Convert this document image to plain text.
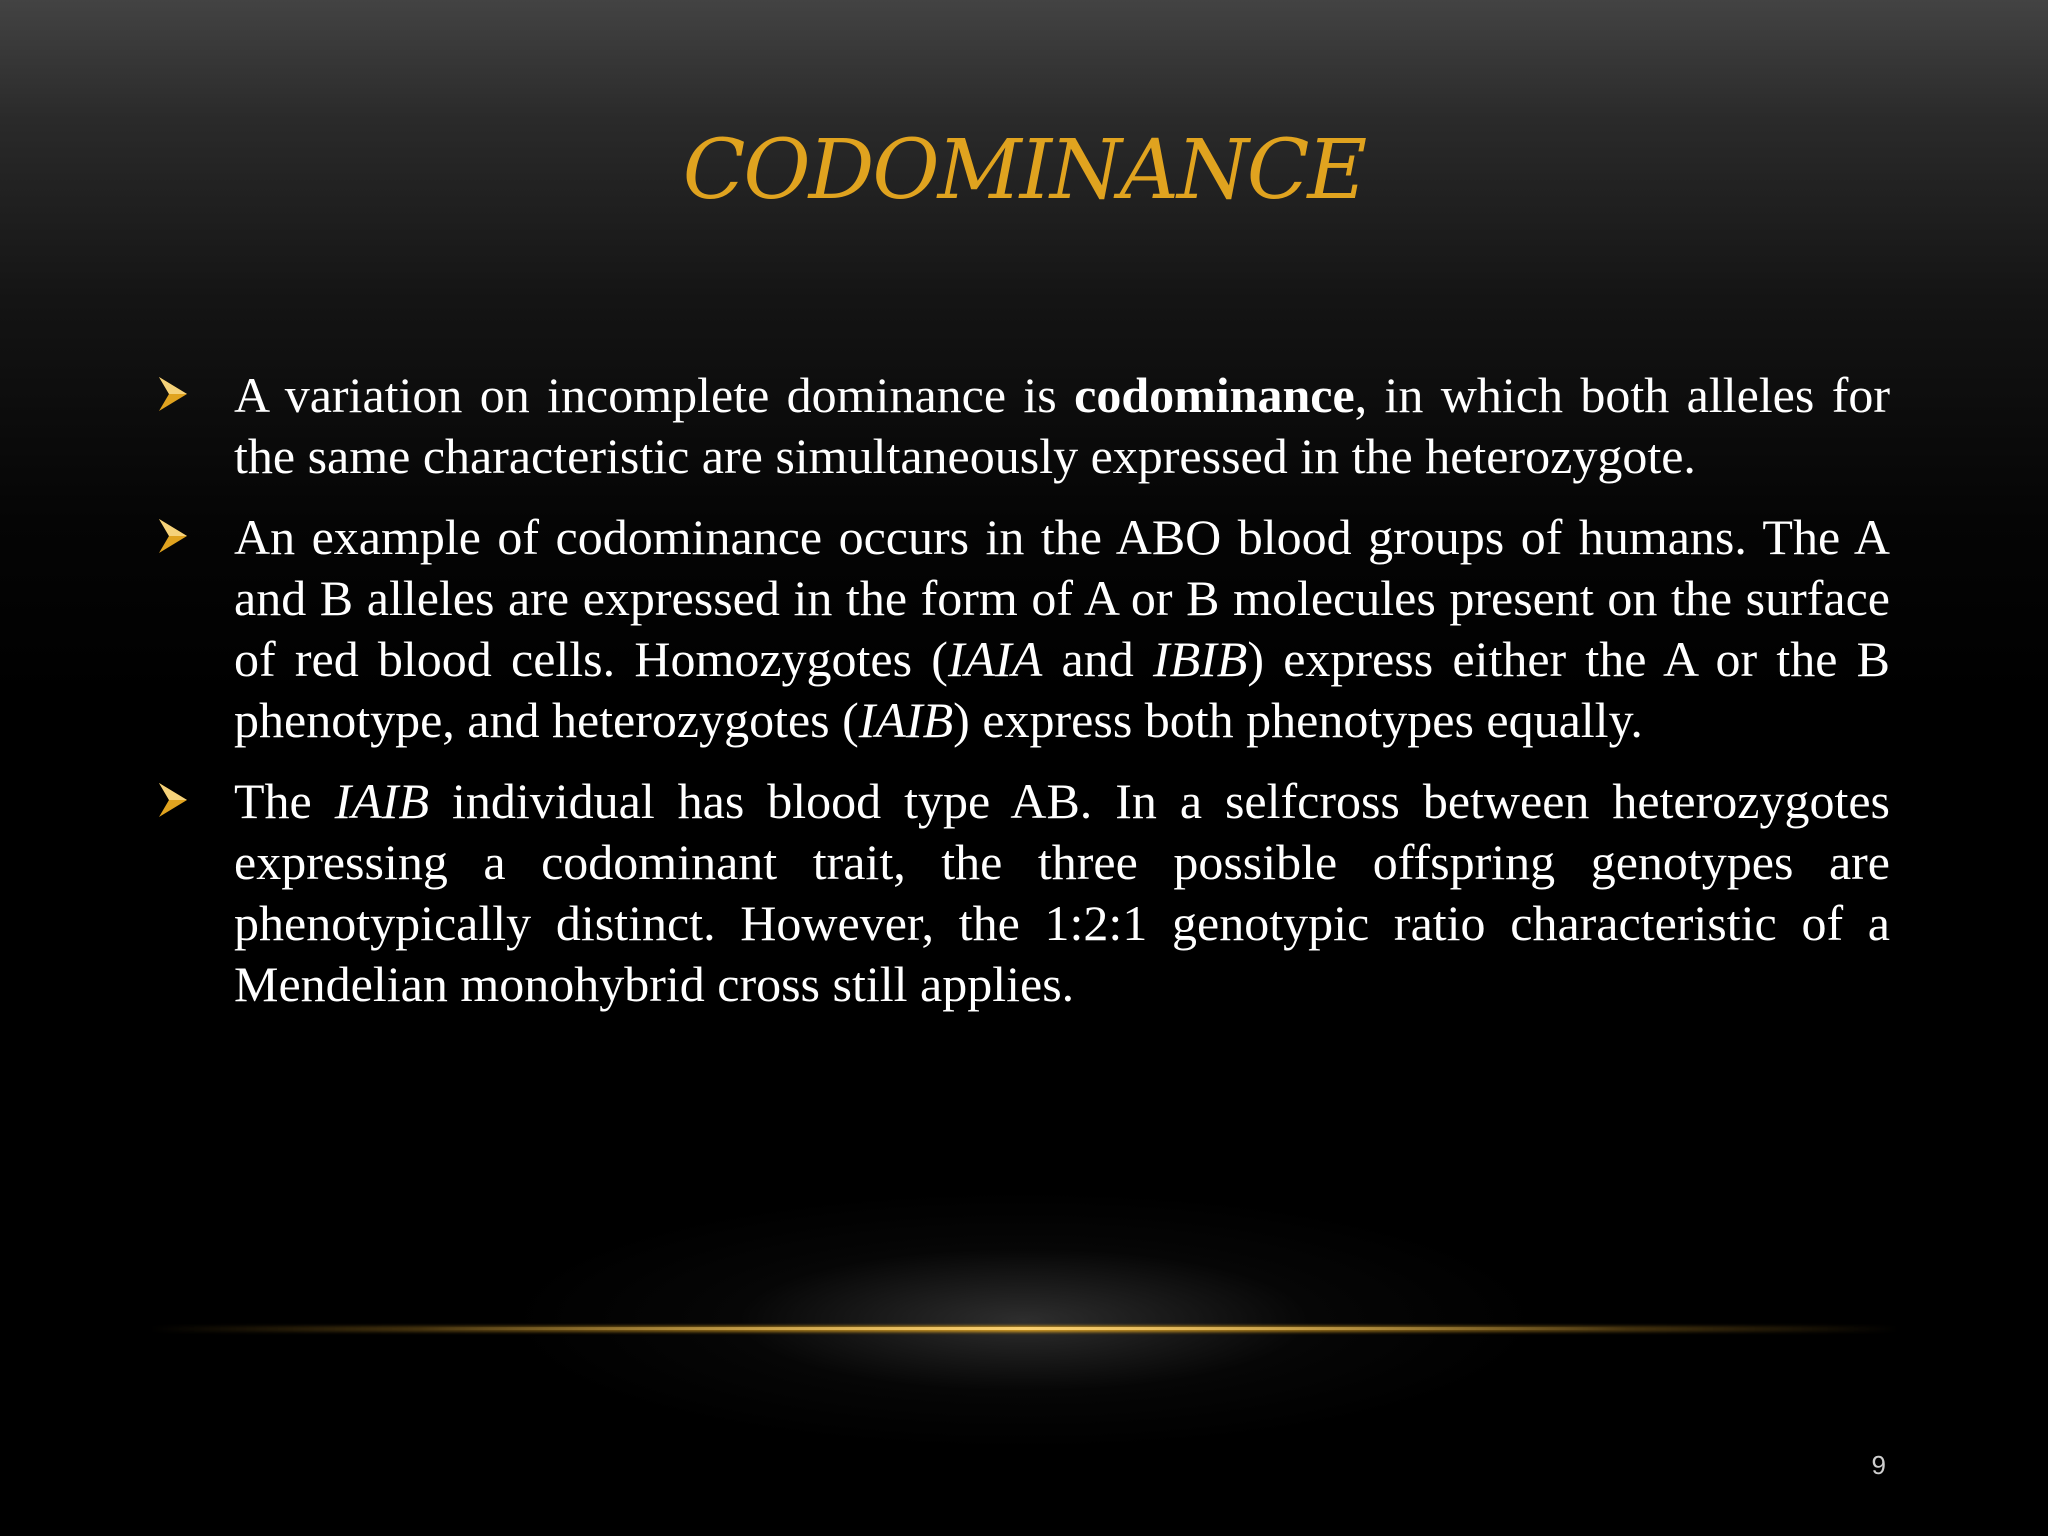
CODOMINANCE
A variation on incomplete dominance is codominance, in which both alleles for the same characteristic are simultaneously expressed in the heterozygote.
An example of codominance occurs in the ABO blood groups of humans. The A and B alleles are expressed in the form of A or B molecules present on the surface of red blood cells. Homozygotes (IAIA and IBIB) express either the A or the B phenotype, and heterozygotes (IAIB) express both phenotypes equally.
The IAIB individual has blood type AB. In a selfcross between heterozygotes expressing a codominant trait, the three possible offspring genotypes are phenotypically distinct. However, the 1:2:1 genotypic ratio characteristic of a Mendelian monohybrid cross still applies.
9
